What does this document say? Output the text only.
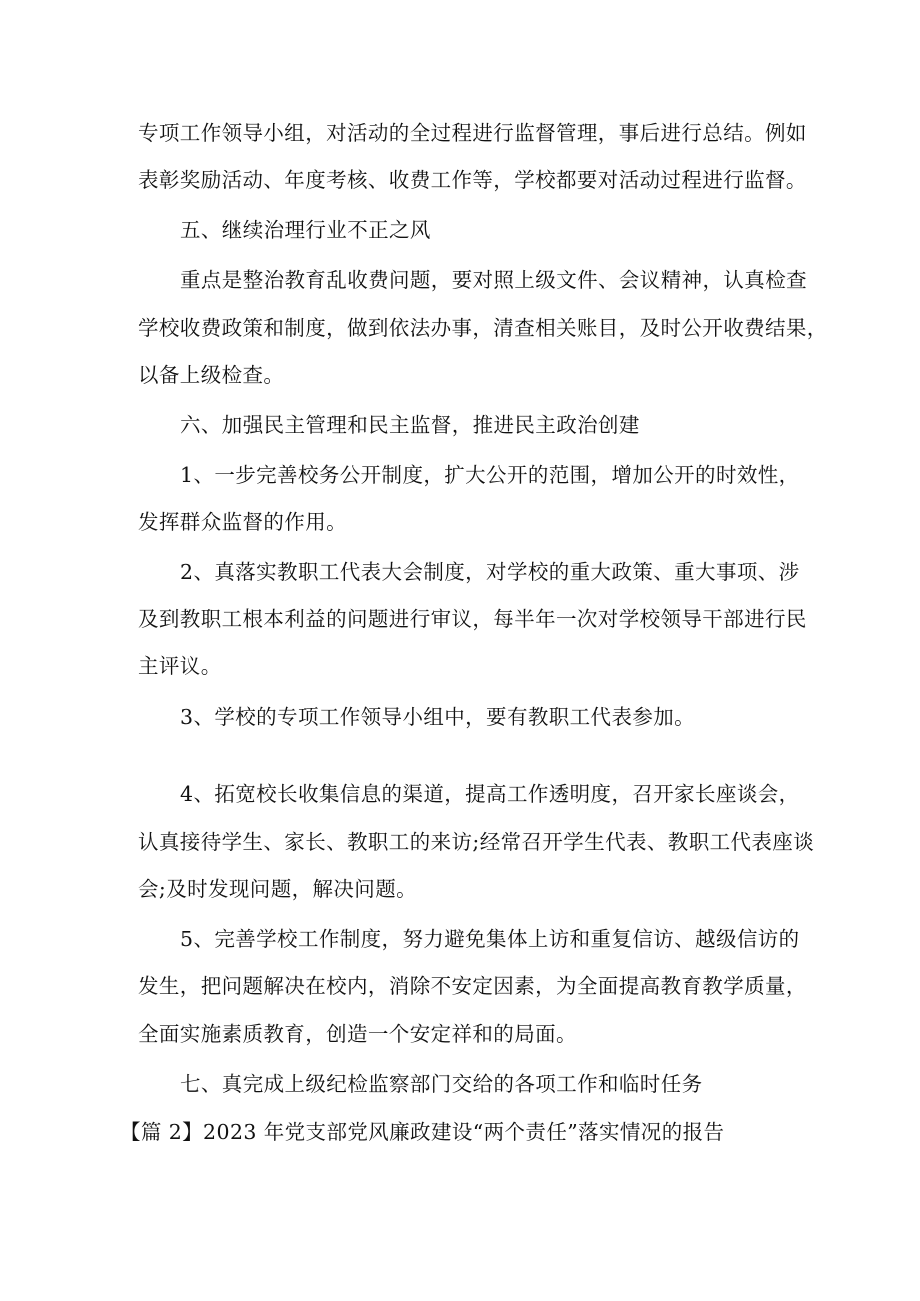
专项工作领导小组，对活动的全过程进行监督管理，事后进行总结。例如
表彰奖励活动、年度考核、收费工作等，学校都要对活动过程进行监督。
五、继续治理行业不正之风
重点是整治教育乱收费问题，要对照上级文件、会议精神，认真检查
学校收费政策和制度，做到依法办事，清查相关账目，及时公开收费结果，
以备上级检查。
六、加强民主管理和民主监督，推进民主政治创建
1、一步完善校务公开制度，扩大公开的范围，增加公开的时效性，
发挥群众监督的作用。
2、真落实教职工代表大会制度，对学校的重大政策、重大事项、涉
及到教职工根本利益的问题进行审议，每半年一次对学校领导干部进行民
主评议。
3、学校的专项工作领导小组中，要有教职工代表参加。
4、拓宽校长收集信息的渠道，提高工作透明度，召开家长座谈会，
认真接待学生、家长、教职工的来访;经常召开学生代表、教职工代表座谈
会;及时发现问题，解决问题。
5、完善学校工作制度，努力避免集体上访和重复信访、越级信访的
发生，把问题解决在校内，消除不安定因素，为全面提高教育教学质量，
全面实施素质教育，创造一个安定祥和的局面。
七、真完成上级纪检监察部门交给的各项工作和临时任务
【篇 2】2023 年党支部党风廉政建设“两个责任”落实情况的报告
